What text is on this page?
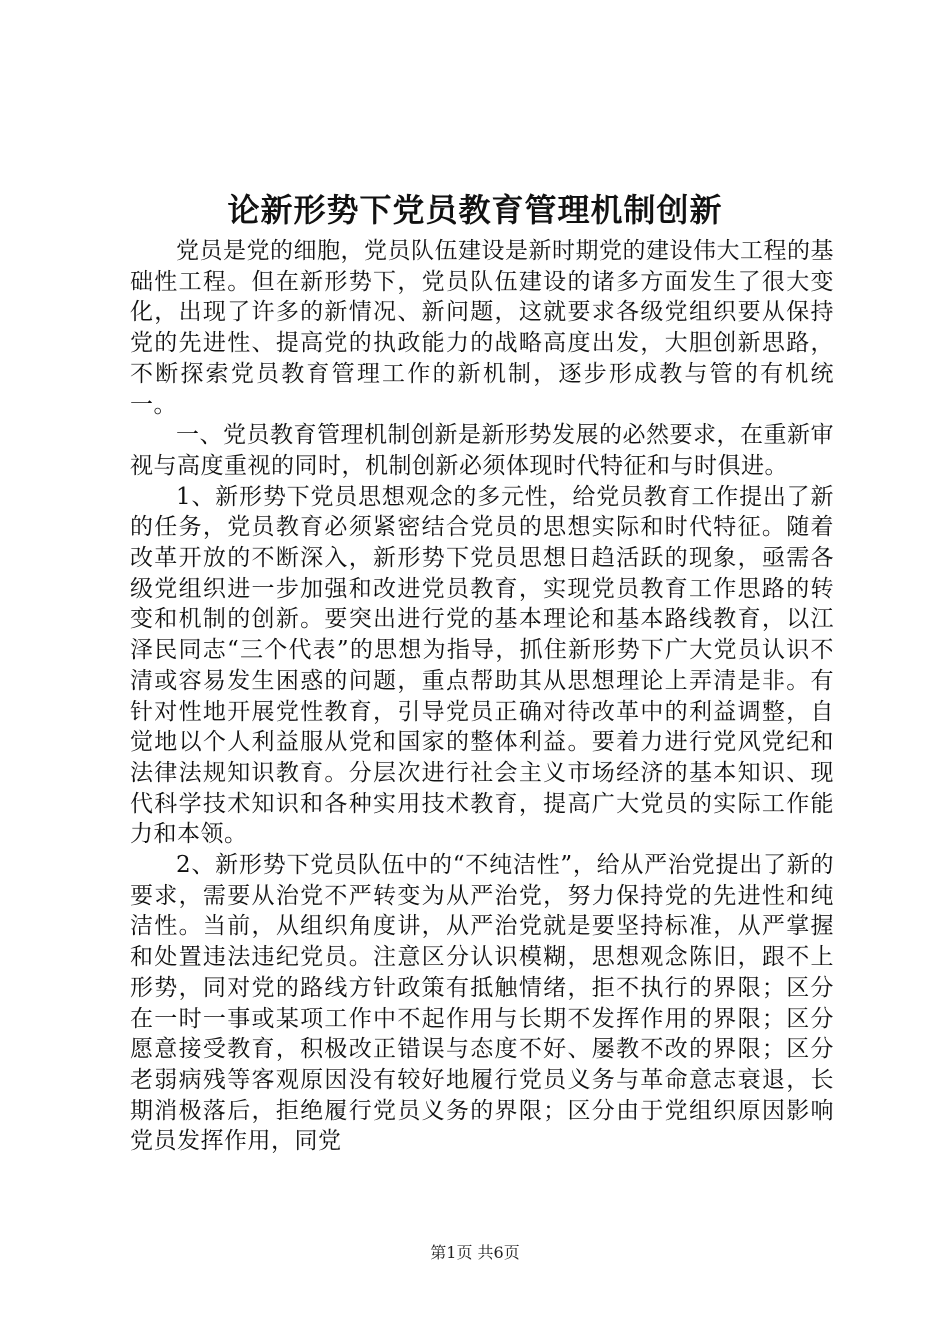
论新形势下党员教育管理机制创新

党员是党的细胞，党员队伍建设是新时期党的建设伟大工程的基础性工程。但在新形势下，党员队伍建设的诸多方面发生了很大变化，出现了许多的新情况、新问题，这就要求各级党组织要从保持党的先进性、提高党的执政能力的战略高度出发，大胆创新思路，不断探索党员教育管理工作的新机制，逐步形成教与管的有机统一。

一、党员教育管理机制创新是新形势发展的必然要求，在重新审视与高度重视的同时，机制创新必须体现时代特征和与时俱进。

1、新形势下党员思想观念的多元性，给党员教育工作提出了新的任务，党员教育必须紧密结合党员的思想实际和时代特征。随着改革开放的不断深入，新形势下党员思想日趋活跃的现象，亟需各级党组织进一步加强和改进党员教育，实现党员教育工作思路的转变和机制的创新。要突出进行党的基本理论和基本路线教育，以江泽民同志“三个代表”的思想为指导，抓住新形势下广大党员认识不清或容易发生困惑的问题，重点帮助其从思想理论上弄清是非。有针对性地开展党性教育，引导党员正确对待改革中的利益调整，自觉地以个人利益服从党和国家的整体利益。要着力进行党风党纪和法律法规知识教育。分层次进行社会主义市场经济的基本知识、现代科学技术知识和各种实用技术教育，提高广大党员的实际工作能力和本领。

2、新形势下党员队伍中的“不纯洁性”，给从严治党提出了新的要求，需要从治党不严转变为从严治党，努力保持党的先进性和纯洁性。当前，从组织角度讲，从严治党就是要坚持标准，从严掌握和处置违法违纪党员。注意区分认识模糊，思想观念陈旧，跟不上形势，同对党的路线方针政策有抵触情绪，拒不执行的界限；区分在一时一事或某项工作中不起作用与长期不发挥作用的界限；区分愿意接受教育，积极改正错误与态度不好、屡教不改的界限；区分老弱病残等客观原因没有较好地履行党员义务与革命意志衰退，长期消极落后，拒绝履行党员义务的界限；区分由于党组织原因影响党员发挥作用，同党

第1页 共6页
